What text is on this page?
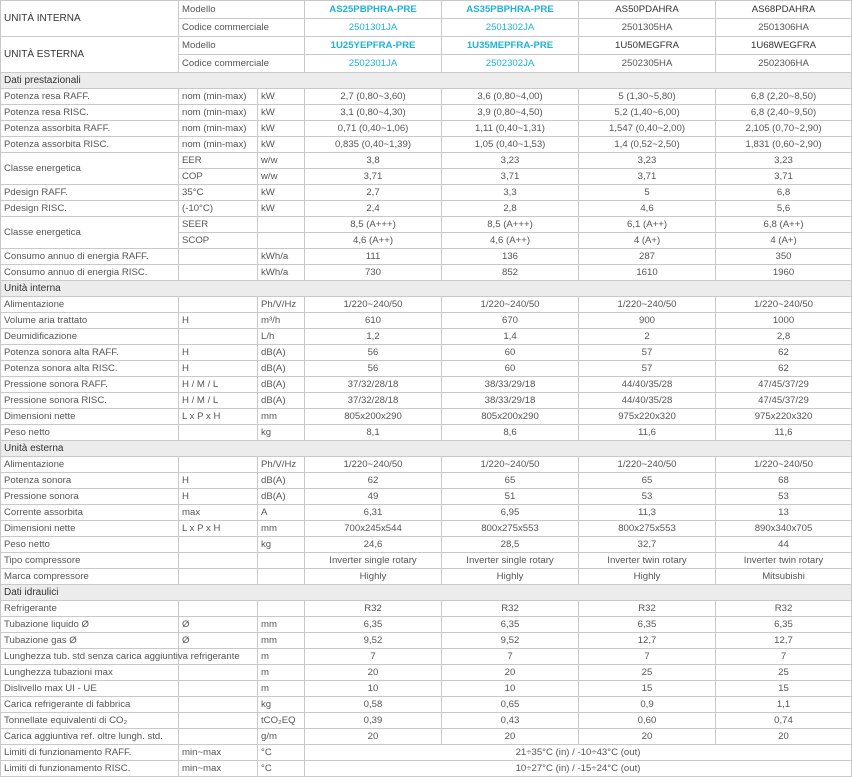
UNITÀ INTERNA	Modello		AS25PBPHRA-PRE	AS35PBPHRA-PRE	AS50PDAHRA	AS68PDAHRA
	Codice commerciale		2501301JA	2501302JA	2501305HA	2501306HA
UNITÀ ESTERNA	Modello		1U25YEPFRA-PRE	1U35MEPFRA-PRE	1U50MEGFRA	1U68WEGFRA
	Codice commerciale		2502301JA	2502302JA	2502305HA	2502306HA
Dati prestazionali						
Potenza resa RAFF.	nom (min-max)	kW	2,7 (0,80~3,60)	3,6 (0,80~4,00)	5 (1,30~5,80)	6,8 (2,20~8,50)
Potenza resa RISC.	nom (min-max)	kW	3,1 (0,80~4,30)	3,9 (0,80~4,50)	5,2 (1,40~6,00)	6,8 (2,40~9,50)
Potenza assorbita RAFF.	nom (min-max)	kW	0,71 (0,40~1,06)	1,11 (0,40~1,31)	1,547 (0,40~2,00)	2,105 (0,70~2,90)
Potenza assorbita RISC.	nom (min-max)	kW	0,835 (0,40~1,39)	1,05 (0,40~1,53)	1,4 (0,52~2,50)	1,831 (0,60~2,90)
Classe energetica	EER	w/w	3,8	3,23	3,23	3,23
	COP	w/w	3,71	3,71	3,71	3,71
Pdesign RAFF.	35°C	kW	2,7	3,3	5	6,8
Pdesign RISC.	(-10°C)	kW	2,4	2,8	4,6	5,6
Classe energetica	SEER		8,5 (A+++)	8,5 (A+++)	6,1 (A++)	6,8 (A++)
	SCOP		4,6 (A++)	4,6 (A++)	4 (A+)	4 (A+)
Consumo annuo di energia RAFF.		kWh/a	111	136	287	350
Consumo annuo di energia RISC.		kWh/a	730	852	1610	1960
Unità interna						
Alimentazione		Ph/V/Hz	1/220~240/50	1/220~240/50	1/220~240/50	1/220~240/50
Volume aria trattato	H	m³/h	610	670	900	1000
Deumidificazione		L/h	1,2	1,4	2	2,8
Potenza sonora alta RAFF.	H	dB(A)	56	60	57	62
Potenza sonora alta RISC.	H	dB(A)	56	60	57	62
Pressione sonora RAFF.	H / M / L	dB(A)	37/32/28/18	38/33/29/18	44/40/35/28	47/45/37/29
Pressione sonora RISC.	H / M / L	dB(A)	37/32/28/18	38/33/29/18	44/40/35/28	47/45/37/29
Dimensioni nette	L x P x H	mm	805x200x290	805x200x290	975x220x320	975x220x320
Peso netto		kg	8,1	8,6	11,6	11,6
Unità esterna						
Alimentazione		Ph/V/Hz	1/220~240/50	1/220~240/50	1/220~240/50	1/220~240/50
Potenza sonora	H	dB(A)	62	65	65	68
Pressione sonora	H	dB(A)	49	51	53	53
Corrente assorbita	max	A	6,31	6,95	11,3	13
Dimensioni nette	L x P x H	mm	700x245x544	800x275x553	800x275x553	890x340x705
Peso netto		kg	24,6	28,5	32,7	44
Tipo compressore			Inverter single rotary	Inverter single rotary	Inverter twin rotary	Inverter twin rotary
Marca compressore			Highly	Highly	Highly	Mitsubishi
Dati idraulici						
Refrigerante			R32	R32	R32	R32
Tubazione liquido Ø	Ø	mm	6,35	6,35	6,35	6,35
Tubazione gas Ø	Ø	mm	9,52	9,52	12,7	12,7
Lunghezza tub. std senza carica aggiuntiva refrigerante		m	7	7	7	7
Lunghezza tubazioni max		m	20	20	25	25
Dislivello max UI - UE		m	10	10	15	15
Carica refrigerante di fabbrica		kg	0,58	0,65	0,9	1,1
Tonnellate equivalenti di CO₂		tCO₂EQ	0,39	0,43	0,60	0,74
Carica aggiuntiva ref. oltre lungh. std.		g/m	20	20	20	20
Limiti di funzionamento RAFF.	min~max	°C	21÷35°C (in) / -10÷43°C (out)			
Limiti di funzionamento RISC.	min~max	°C	10÷27°C (in) / -15÷24°C (out)			
